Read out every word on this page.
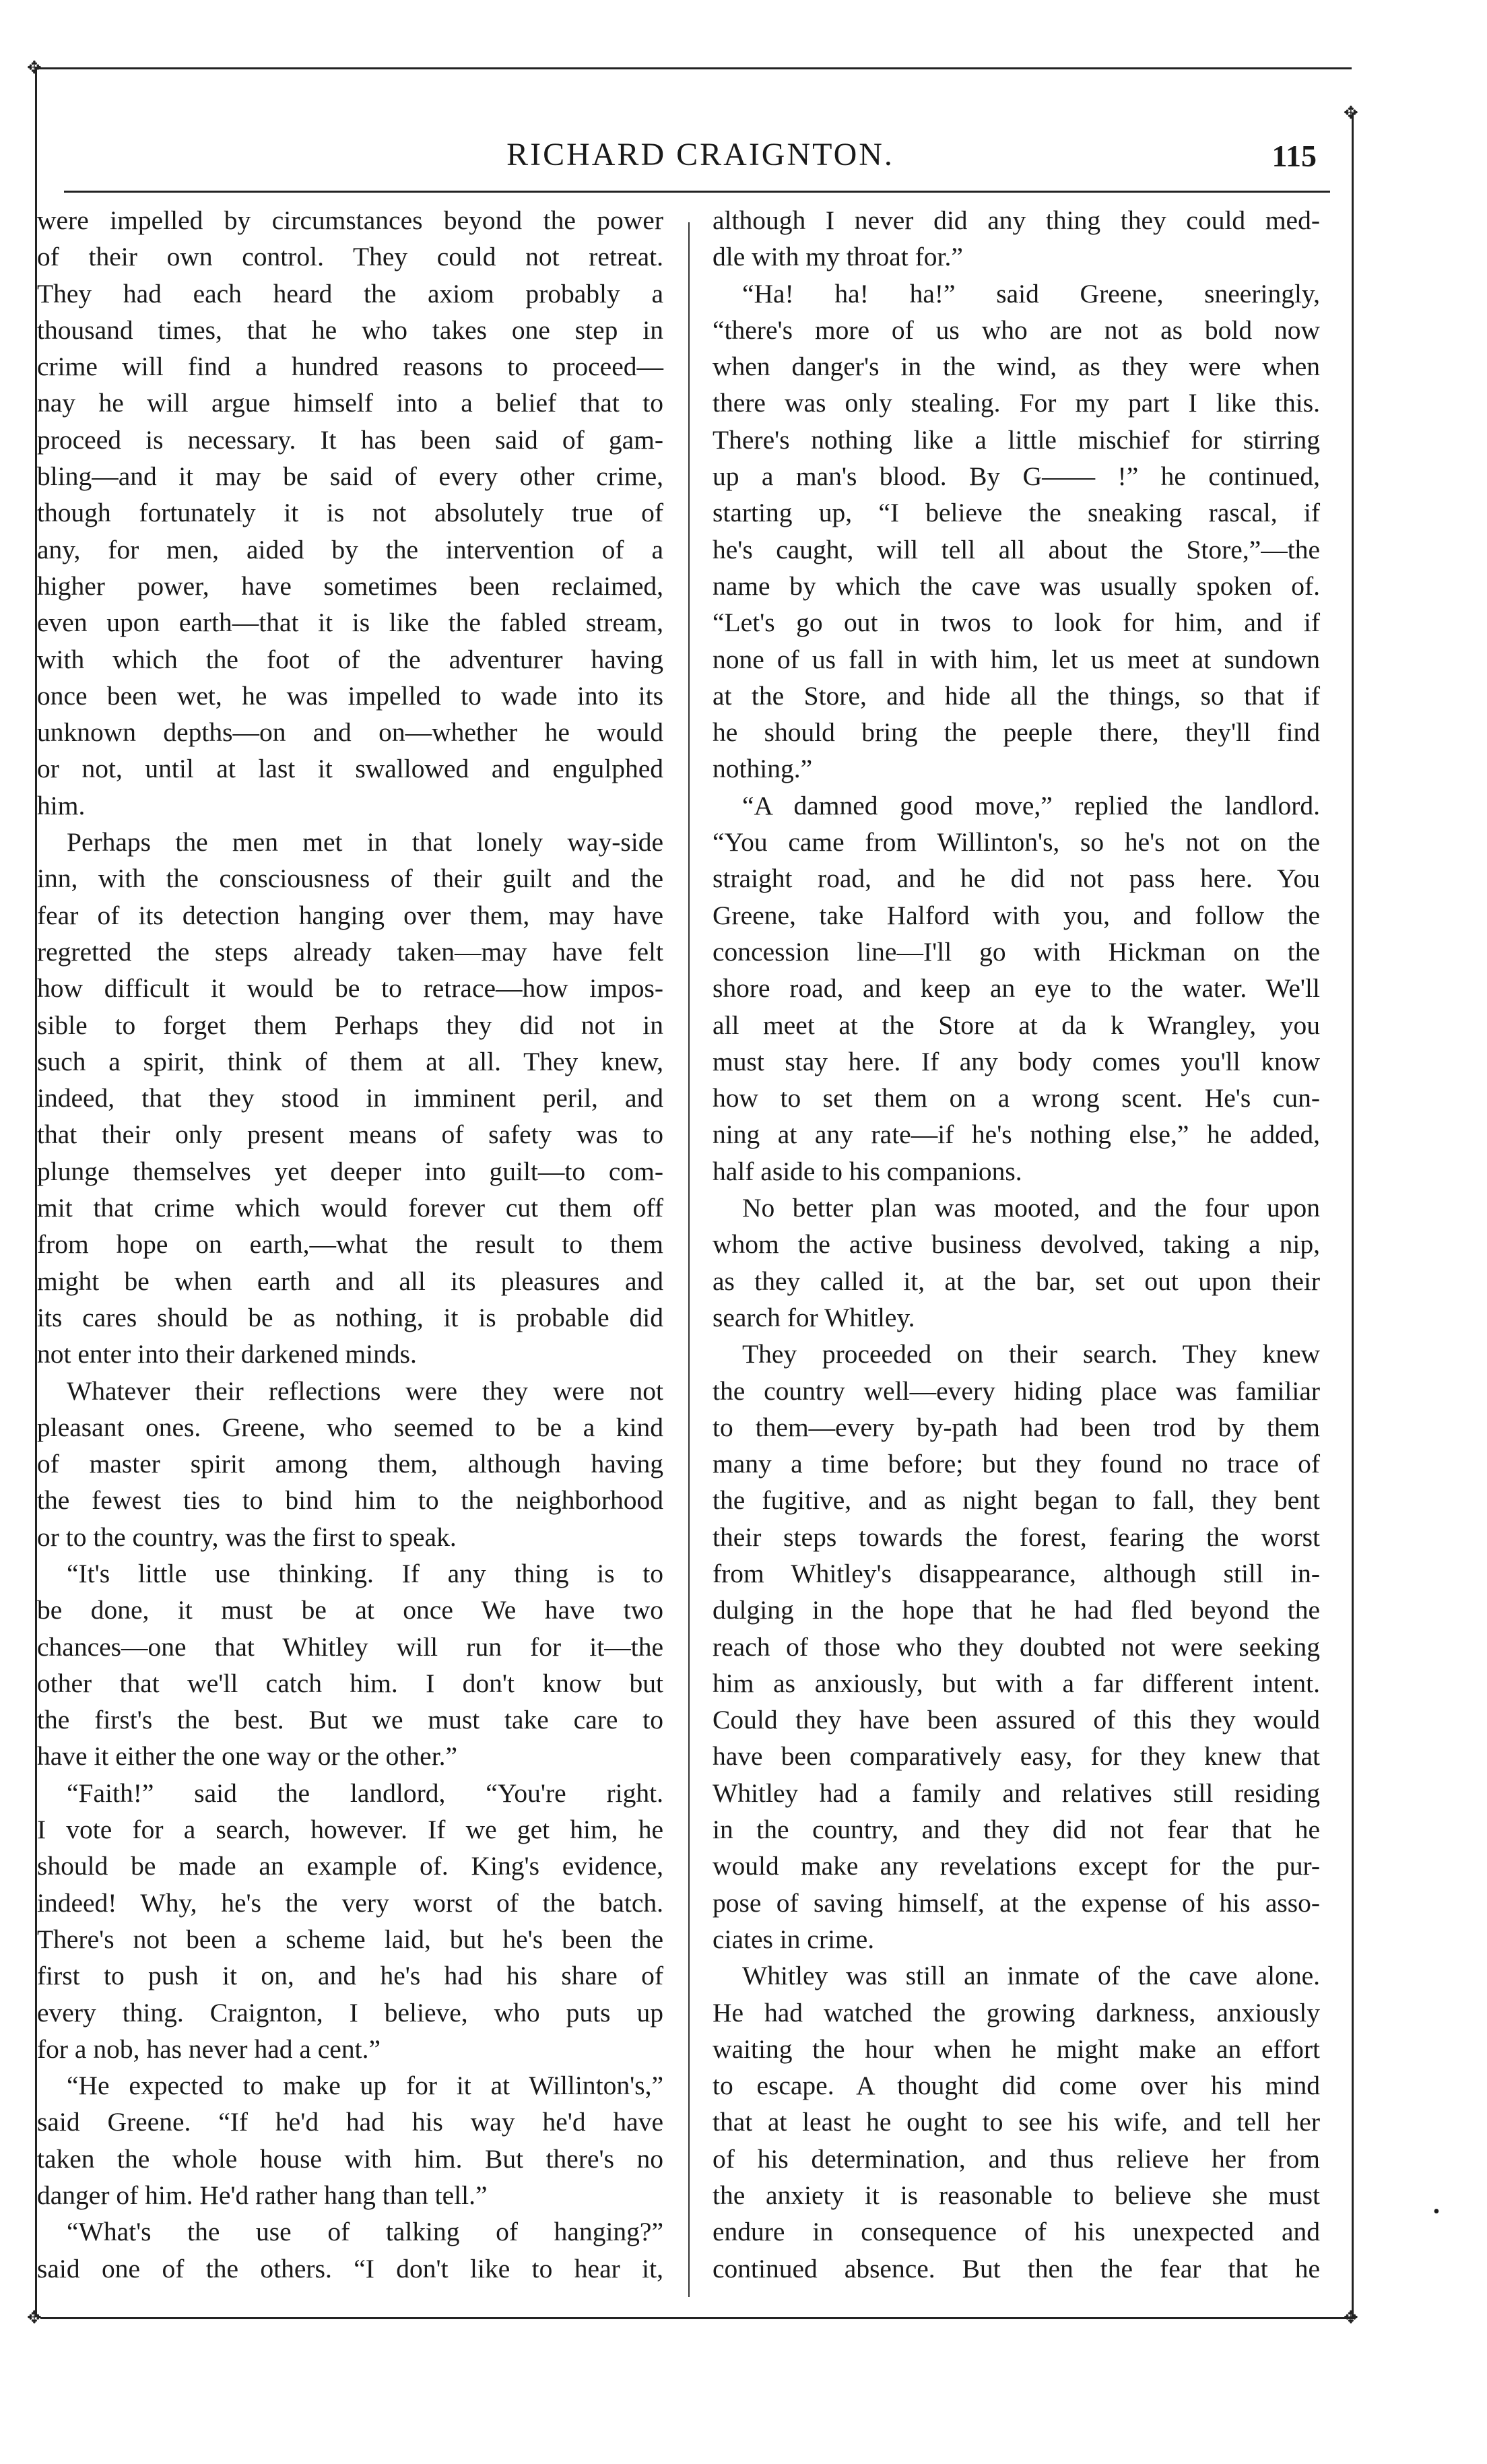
✥
✥
✥
✥
RICHARD CRAIGNTON.	115
were impelled by circumstances beyond the power
of their own control. They could not retreat.
They had each heard the axiom probably a
thousand times, that he who takes one step in
crime will find a hundred reasons to proceed—
nay he will argue himself into a belief that to
proceed is necessary. It has been said of gam-
bling—and it may be said of every other crime,
though fortunately it is not absolutely true of
any, for men, aided by the intervention of a
higher power, have sometimes been reclaimed,
even upon earth—that it is like the fabled stream,
with which the foot of the adventurer having
once been wet, he was impelled to wade into its
unknown depths—on and on—whether he would
or not, until at last it swallowed and engulphed
him.
Perhaps the men met in that lonely way-side
inn, with the consciousness of their guilt and the
fear of its detection hanging over them, may have
regretted the steps already taken—may have felt
how difficult it would be to retrace—how impos-
sible to forget them Perhaps they did not in
such a spirit, think of them at all. They knew,
indeed, that they stood in imminent peril, and
that their only present means of safety was to
plunge themselves yet deeper into guilt—to com-
mit that crime which would forever cut them off
from hope on earth,—what the result to them
might be when earth and all its pleasures and
its cares should be as nothing, it is probable did
not enter into their darkened minds.
Whatever their reflections were they were not
pleasant ones. Greene, who seemed to be a kind
of master spirit among them, although having
the fewest ties to bind him to the neighborhood
or to the country, was the first to speak.
“It's little use thinking. If any thing is to
be done, it must be at once We have two
chances—one that Whitley will run for it—the
other that we'll catch him. I don't know but
the first's the best. But we must take care to
have it either the one way or the other.”
“Faith!” said the landlord, “You're right.
I vote for a search, however. If we get him, he
should be made an example of. King's evidence,
indeed! Why, he's the very worst of the batch.
There's not been a scheme laid, but he's been the
first to push it on, and he's had his share of
every thing. Craignton, I believe, who puts up
for a nob, has never had a cent.”
“He expected to make up for it at Willinton's,”
said Greene. “If he'd had his way he'd have
taken the whole house with him. But there's no
danger of him. He'd rather hang than tell.”
“What's the use of talking of hanging?”
said one of the others. “I don't like to hear it,
although I never did any thing they could med-
dle with my throat for.”
“Ha! ha! ha!” said Greene, sneeringly,
“there's more of us who are not as bold now
when danger's in the wind, as they were when
there was only stealing. For my part I like this.
There's nothing like a little mischief for stirring
up a man's blood. By G—— !” he continued,
starting up, “I believe the sneaking rascal, if
he's caught, will tell all about the Store,”—the
name by which the cave was usually spoken of.
“Let's go out in twos to look for him, and if
none of us fall in with him, let us meet at sundown
at the Store, and hide all the things, so that if
he should bring the peeple there, they'll find
nothing.”
“A damned good move,” replied the landlord.
“You came from Willinton's, so he's not on the
straight road, and he did not pass here. You
Greene, take Halford with you, and follow the
concession line—I'll go with Hickman on the
shore road, and keep an eye to the water. We'll
all meet at the Store at da k Wrangley, you
must stay here. If any body comes you'll know
how to set them on a wrong scent. He's cun-
ning at any rate—if he's nothing else,” he added,
half aside to his companions.
No better plan was mooted, and the four upon
whom the active business devolved, taking a nip,
as they called it, at the bar, set out upon their
search for Whitley.
They proceeded on their search. They knew
the country well—every hiding place was familiar
to them—every by-path had been trod by them
many a time before; but they found no trace of
the fugitive, and as night began to fall, they bent
their steps towards the forest, fearing the worst
from Whitley's disappearance, although still in-
dulging in the hope that he had fled beyond the
reach of those who they doubted not were seeking
him as anxiously, but with a far different intent.
Could they have been assured of this they would
have been comparatively easy, for they knew that
Whitley had a family and relatives still residing
in the country, and they did not fear that he
would make any revelations except for the pur-
pose of saving himself, at the expense of his asso-
ciates in crime.
Whitley was still an inmate of the cave alone.
He had watched the growing darkness, anxiously
waiting the hour when he might make an effort
to escape. A thought did come over his mind
that at least he ought to see his wife, and tell her
of his determination, and thus relieve her from
the anxiety it is reasonable to believe she must
endure in consequence of his unexpected and
continued absence. But then the fear that he
•
